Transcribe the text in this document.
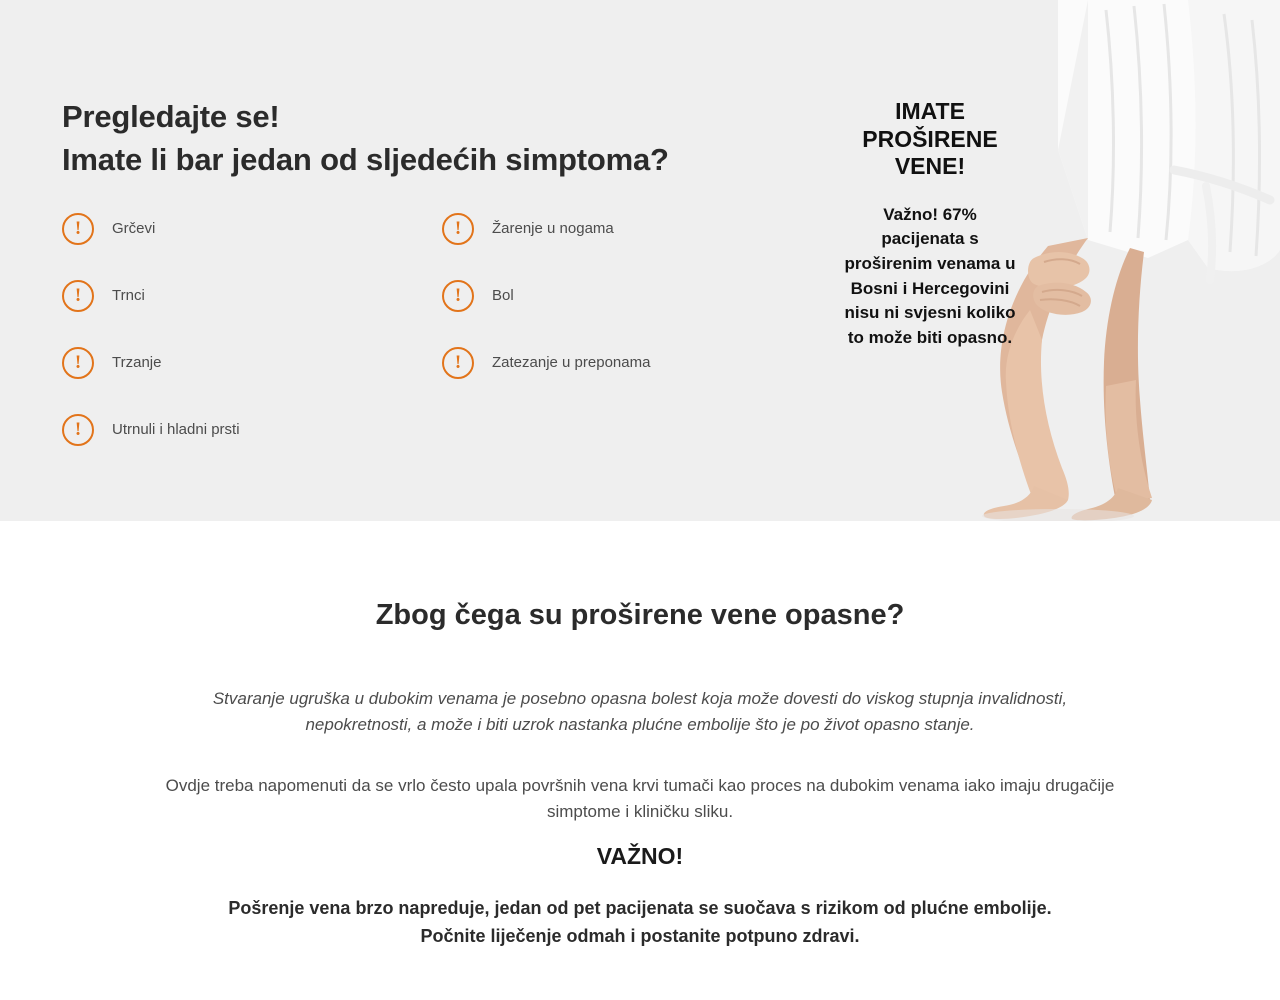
Pregledajte se!
Imate li bar jedan od sljedećih simptoma?
!	Grčevi
!	Trnci
!	Trzanje
!	Utrnuli i hladni prsti
!	Žarenje u nogama
!	Bol
!	Zatezanje u preponama
IMATE
PROŠIRENE
VENE!

Važno! 67% pacijenata s proširenim venama u Bosni i Hercegovini nisu ni svjesni koliko to može biti opasno.

Zbog čega su proširene vene opasne?

Stvaranje ugruška u dubokim venama je posebno opasna bolest koja može dovesti do viskog stupnja invalidnosti, nepokretnosti, a može i biti uzrok nastanka plućne embolije što je po život opasno stanje.

Ovdje treba napomenuti da se vrlo često upala površnih vena krvi tumači kao proces na dubokim venama iako imaju drugačije simptome i kliničku sliku.

VAŽNO!
Pošrenje vena brzo napreduje, jedan od pet pacijenata se suočava s rizikom od plućne embolije.
Počnite liječenje odmah i postanite potpuno zdravi.
